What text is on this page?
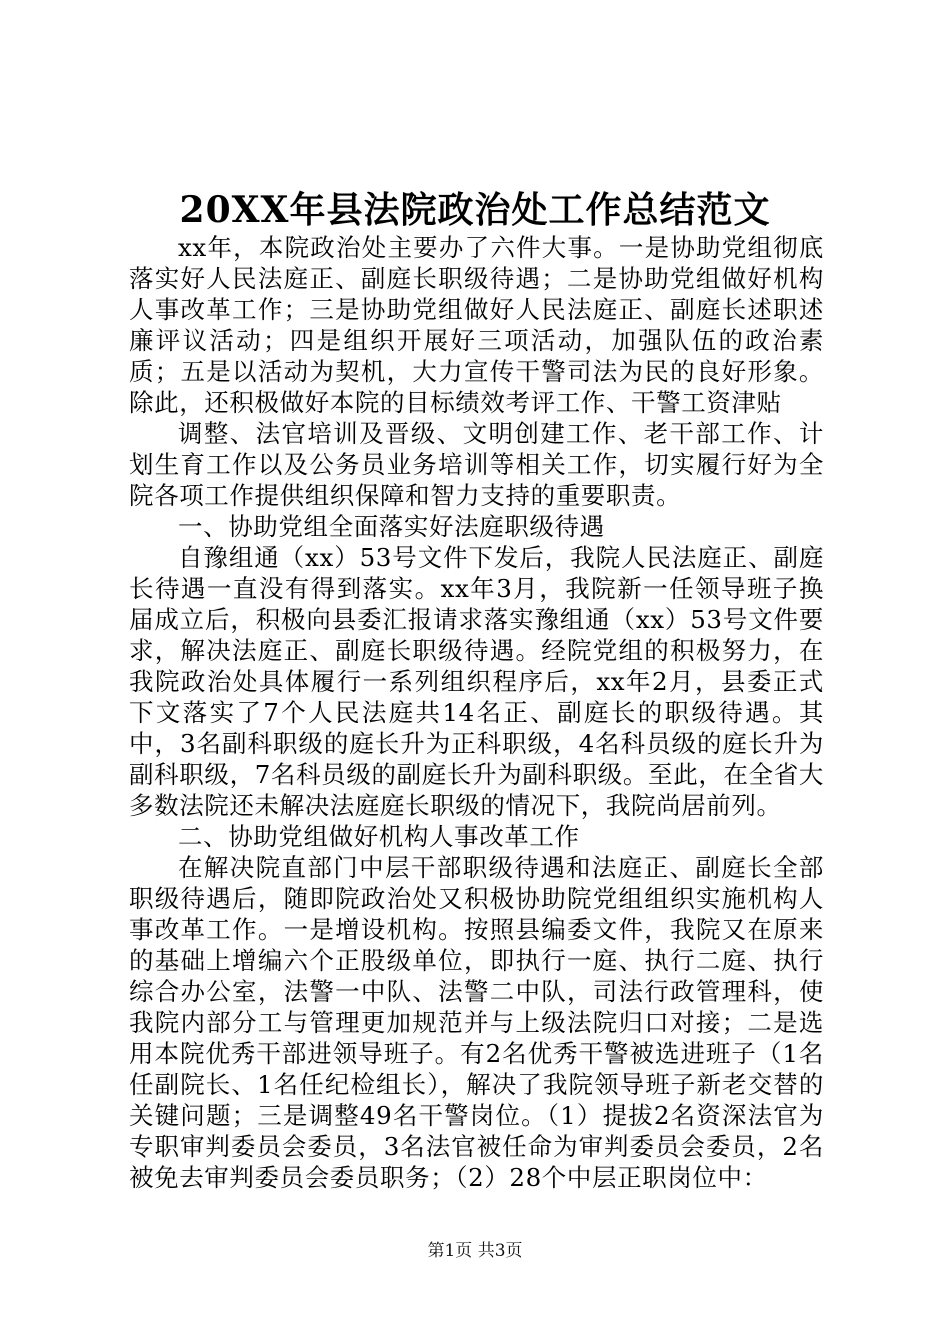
20XX年县法院政治处工作总结范文

xx年，本院政治处主要办了六件大事。一是协助党组彻底落实好人民法庭正、副庭长职级待遇；二是协助党组做好机构人事改革工作；三是协助党组做好人民法庭正、副庭长述职述廉评议活动；四是组织开展好三项活动，加强队伍的政治素质；五是以活动为契机，大力宣传干警司法为民的良好形象。除此，还积极做好本院的目标绩效考评工作、干警工资津贴

调整、法官培训及晋级、文明创建工作、老干部工作、计划生育工作以及公务员业务培训等相关工作，切实履行好为全院各项工作提供组织保障和智力支持的重要职责。

一、协助党组全面落实好法庭职级待遇

自豫组通（xx）53号文件下发后，我院人民法庭正、副庭长待遇一直没有得到落实。xx年3月，我院新一任领导班子换届成立后，积极向县委汇报请求落实豫组通（xx）53号文件要求，解决法庭正、副庭长职级待遇。经院党组的积极努力，在我院政治处具体履行一系列组织程序后，xx年2月，县委正式下文落实了7个人民法庭共14名正、副庭长的职级待遇。其中，3名副科职级的庭长升为正科职级，4名科员级的庭长升为副科职级，7名科员级的副庭长升为副科职级。至此，在全省大多数法院还未解决法庭庭长职级的情况下，我院尚居前列。

二、协助党组做好机构人事改革工作

在解决院直部门中层干部职级待遇和法庭正、副庭长全部职级待遇后，随即院政治处又积极协助院党组组织实施机构人事改革工作。一是增设机构。按照县编委文件，我院又在原来的基础上增编六个正股级单位，即执行一庭、执行二庭、执行综合办公室，法警一中队、法警二中队，司法行政管理科，使我院内部分工与管理更加规范并与上级法院归口对接；二是选用本院优秀干部进领导班子。有2名优秀干警被选进班子（1名任副院长、1名任纪检组长），解决了我院领导班子新老交替的关键问题；三是调整49名干警岗位。（1）提拔2名资深法官为专职审判委员会委员，3名法官被任命为审判委员会委员，2名被免去审判委员会委员职务；（2）28个中层正职岗位中：

第1页 共3页
